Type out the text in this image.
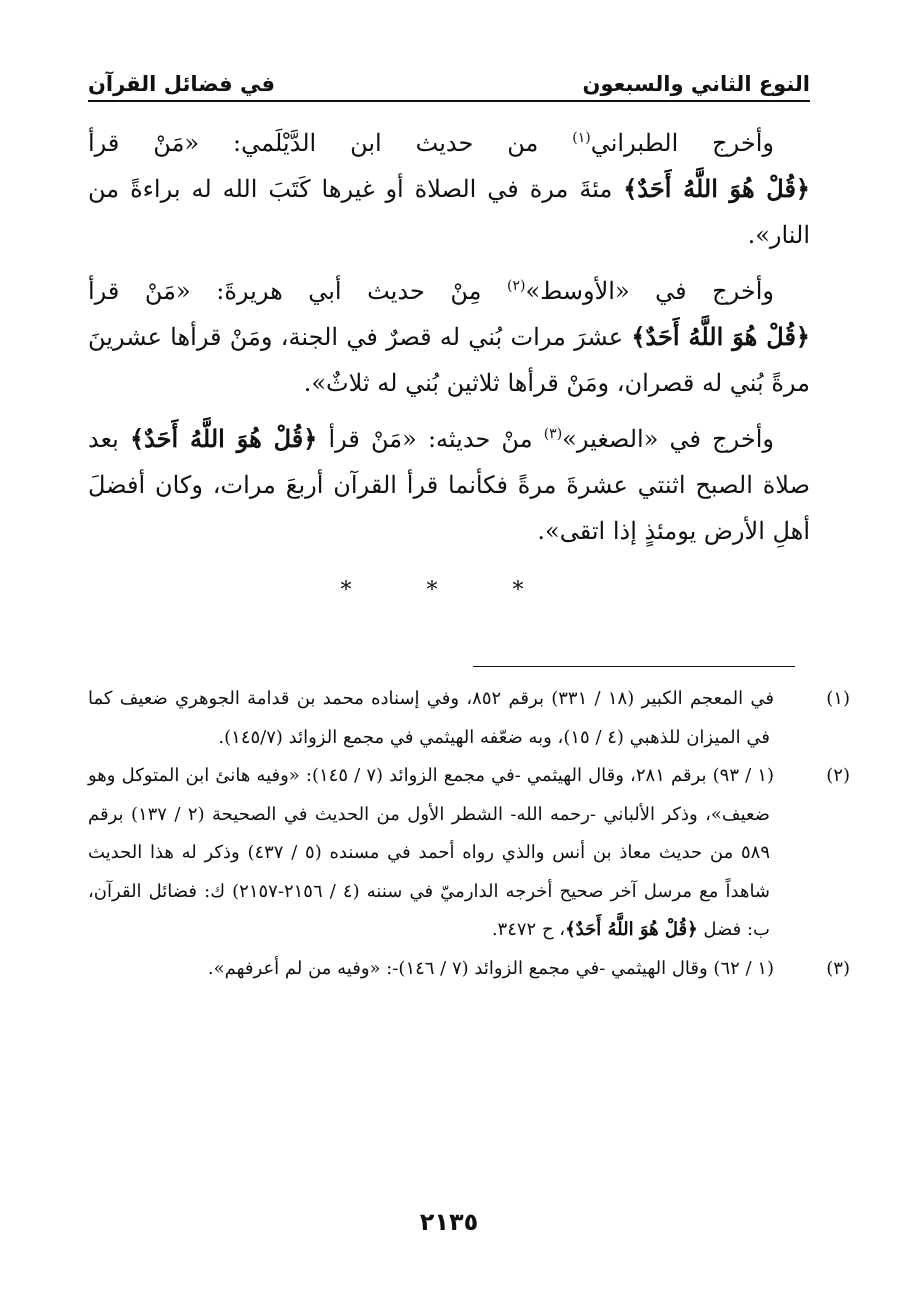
النوع الثاني والسبعون
في فضائل القرآن

وأخرج الطبراني$^{(١)}$ من حديث ابن الدَّيْلَمي: «مَنْ قرأ ﴿قُلْ هُوَ اللَّهُ أَحَدٌ﴾ مئةَ مرة في الصلاة أو غيرها كَتَبَ الله له براءةً من النار».

وأخرج في «الأوسط»$^{(٢)}$ مِنْ حديث أبي هريرةَ: «مَنْ قرأ ﴿قُلْ هُوَ اللَّهُ أَحَدٌ﴾ عشرَ مرات بُني له قصرٌ في الجنة، ومَنْ قرأها عشرينَ مرةً بُني له قصران، ومَنْ قرأها ثلاثين بُني له ثلاثٌ».

وأخرج في «الصغير»$^{(٣)}$ منْ حديثه: «مَنْ قرأ ﴿قُلْ هُوَ اللَّهُ أَحَدٌ﴾ بعد صلاة الصبح اثنتي عشرةَ مرةً فكأنما قرأ القرآن أربعَ مرات، وكان أفضلَ أهلِ الأرض يومئذٍ إذا اتقى».

* * *

(١)في المعجم الكبير (١٨ / ٣٣١) برقم ٨٥٢، وفي إسناده محمد بن قدامة الجوهري ضعيف كما في الميزان للذهبي (٤ / ١٥)، وبه ضعّفه الهيثمي في مجمع الزوائد (١٤٥/٧).

(٢)(١ / ٩٣) برقم ٢٨١، وقال الهيثمي -في مجمع الزوائد (٧ / ١٤٥): «وفيه هانئ ابن المتوكل وهو ضعيف»، وذكر الألباني -رحمه الله- الشطر الأول من الحديث في الصحيحة (٢ / ١٣٧) برقم ٥٨٩ من حديث معاذ بن أنس والذي رواه أحمد في مسنده (٥ / ٤٣٧) وذكر له هذا الحديث شاهداً مع مرسل آخر صحيح أخرجه الدارميّ في سننه (٤ / ٢١٥٦-٢١٥٧) ك: فضائل القرآن، ب: فضل ﴿قُلْ هُوَ اللَّهُ أَحَدٌ﴾، ح ٣٤٧٢.

(٣)(١ / ٦٢) وقال الهيثمي -في مجمع الزوائد (٧ / ١٤٦)-: «وفيه من لم أعرفهم».

٢١٣٥
